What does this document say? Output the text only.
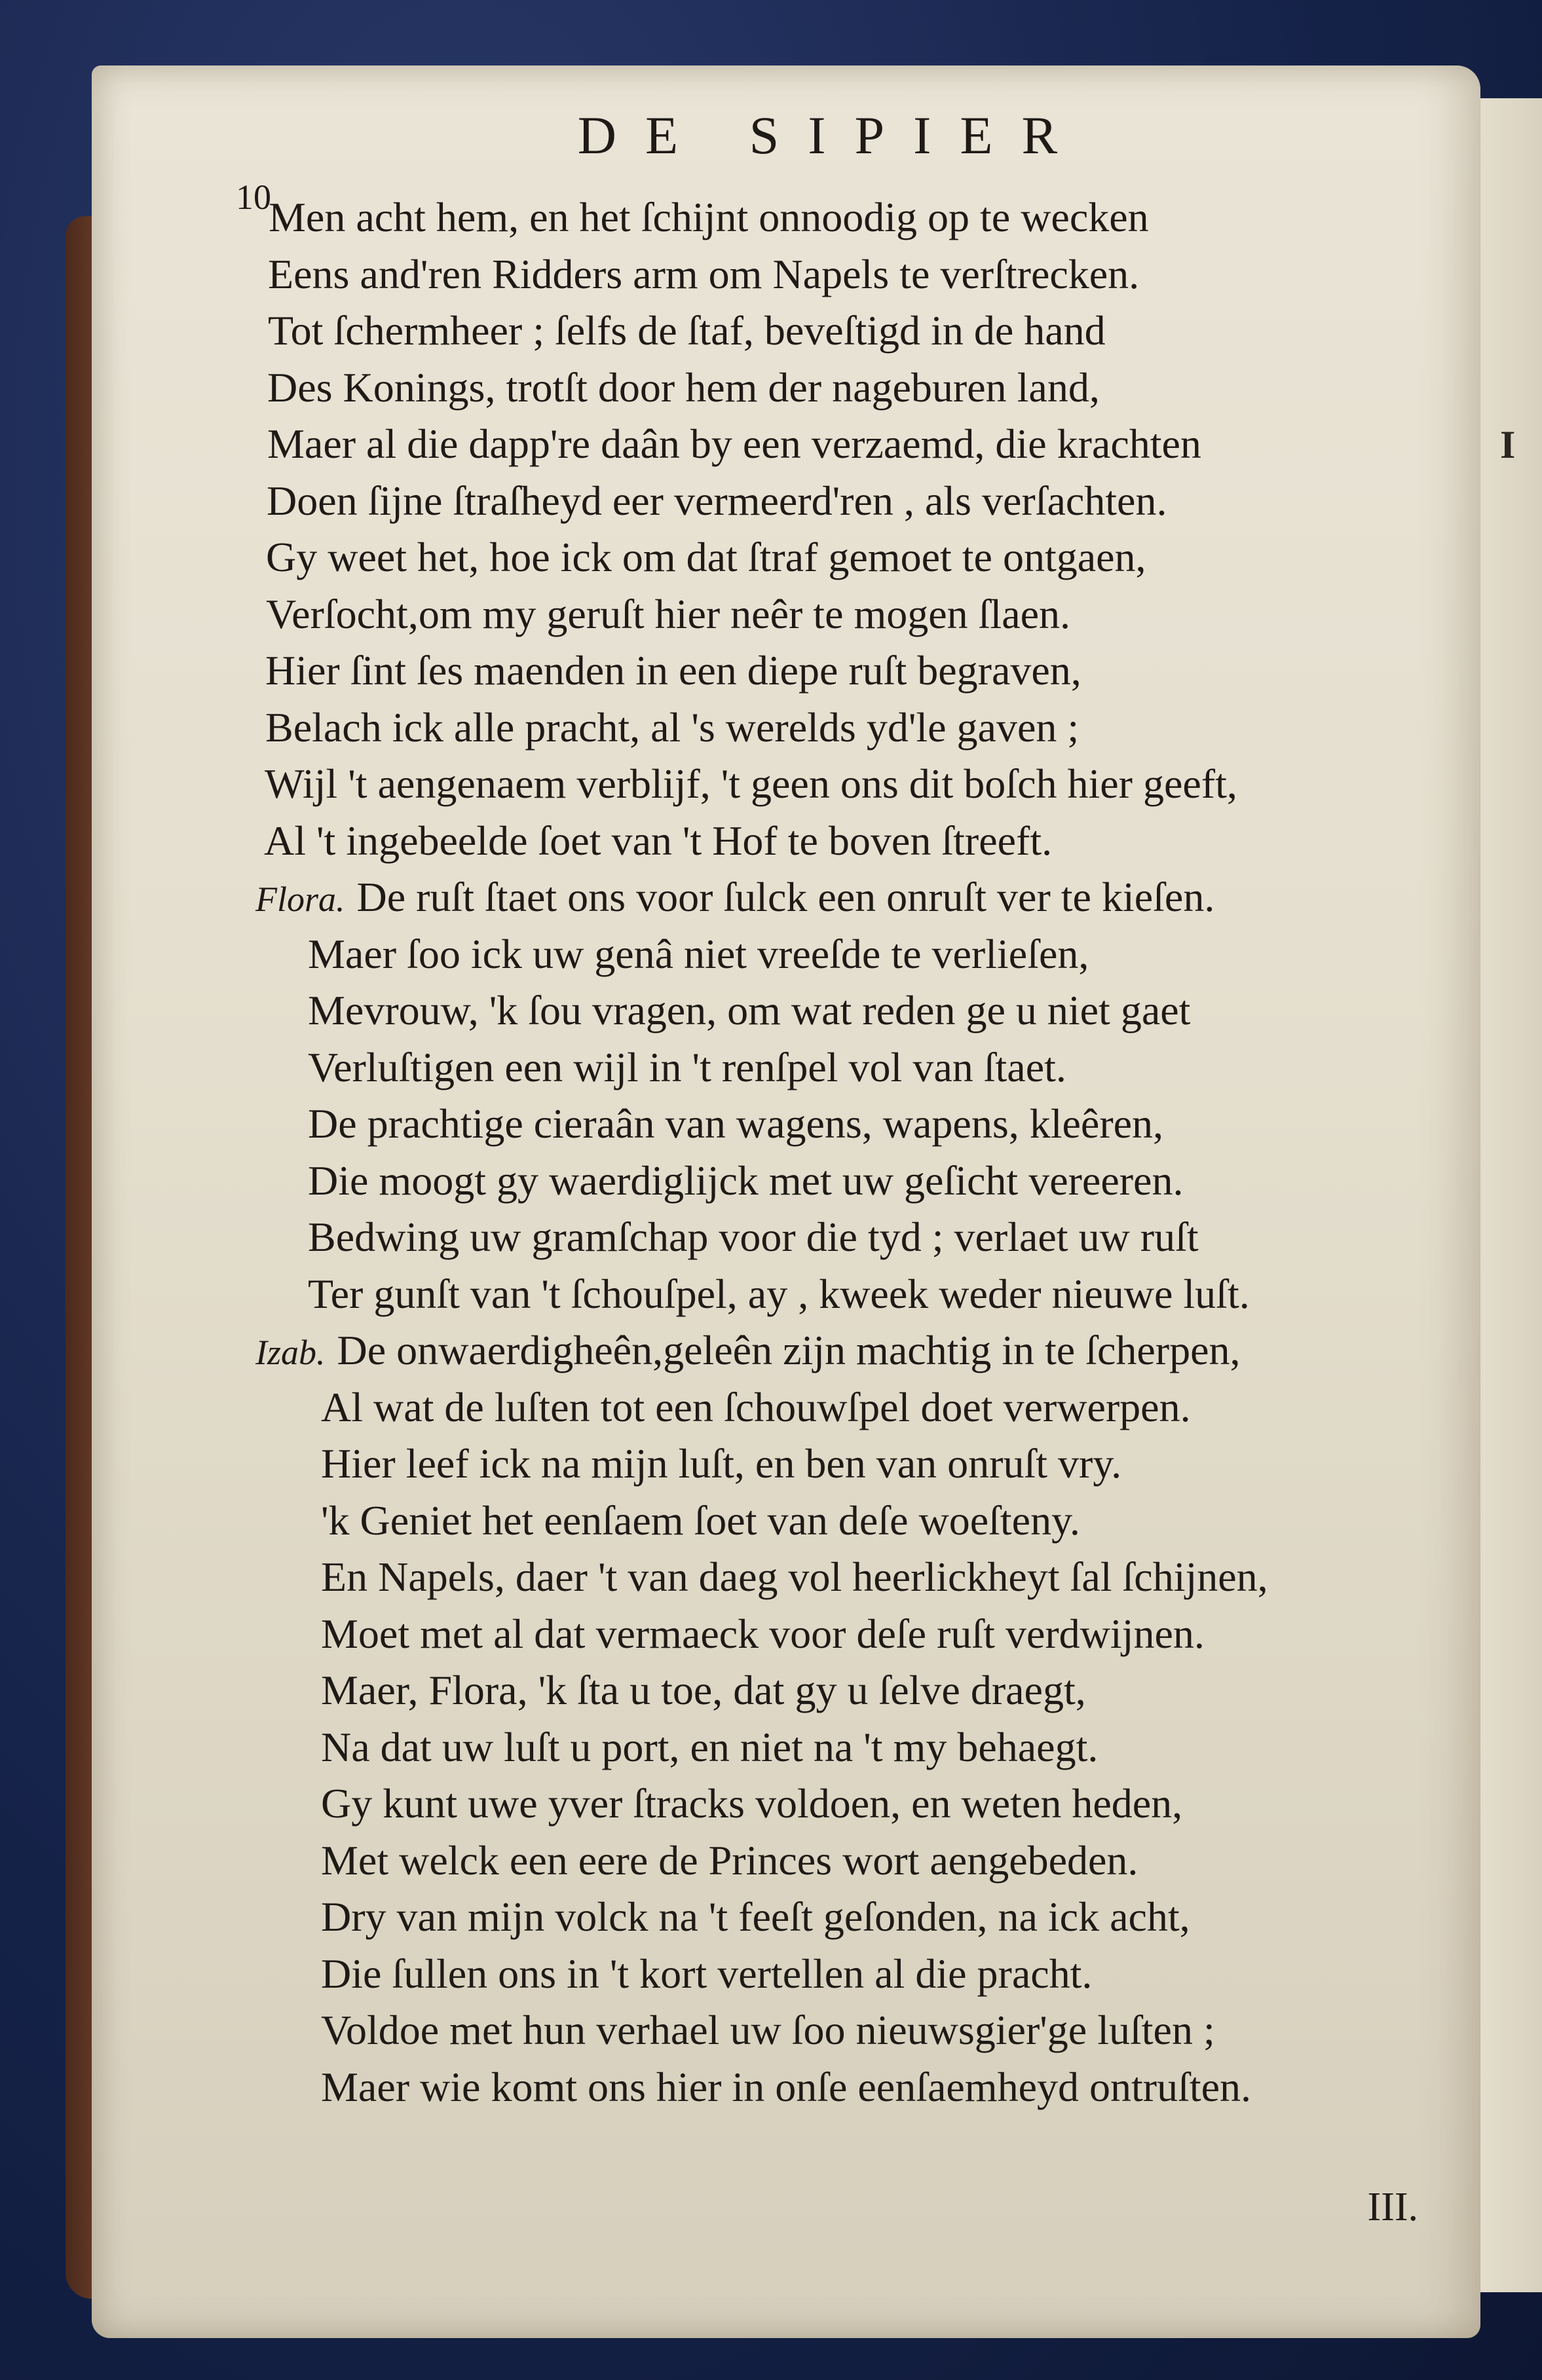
I
DE SIPIER
10
Men acht hem, en het ſchijnt onnoodig op te wecken
Eens and'ren Ridders arm om Napels te verſtrecken.
Tot ſchermheer ; ſelfs de ſtaf, beveſtigd in de hand
Des Konings, trotſt door hem der nageburen land,
Maer al die dapp're daân by een verzaemd, die krachten
Doen ſijne ſtraſheyd eer vermeerd'ren , als verſachten.
Gy weet het, hoe ick om dat ſtraf gemoet te ontgaen,
Verſocht,om my geruſt hier neêr te mogen ſlaen.
Hier ſint ſes maenden in een diepe ruſt begraven,
Belach ick alle pracht, al 's werelds yd'le gaven ;
Wijl 't aengenaem verblijf, 't geen ons dit boſch hier geeft,
Al 't ingebeelde ſoet van 't Hof te boven ſtreeft.
Flora. De ruſt ſtaet ons voor ſulck een onruſt ver te kieſen.
Maer ſoo ick uw genâ niet vreeſde te verlieſen,
Mevrouw, 'k ſou vragen, om wat reden ge u niet gaet
Verluſtigen een wijl in 't renſpel vol van ſtaet.
De prachtige cieraân van wagens, wapens, kleêren,
Die moogt gy waerdiglijck met uw geſicht vereeren.
Bedwing uw gramſchap voor die tyd ; verlaet uw ruſt
Ter gunſt van 't ſchouſpel, ay , kweek weder nieuwe luſt.
Izab. De onwaerdigheên,geleên zijn machtig in te ſcherpen,
Al wat de luſten tot een ſchouwſpel doet verwerpen.
Hier leef ick na mijn luſt, en ben van onruſt vry.
'k Geniet het eenſaem ſoet van deſe woeſteny.
En Napels, daer 't van daeg vol heerlickheyt ſal ſchijnen,
Moet met al dat vermaeck voor deſe ruſt verdwijnen.
Maer, Flora, 'k ſta u toe, dat gy u ſelve draegt,
Na dat uw luſt u port, en niet na 't my behaegt.
Gy kunt uwe yver ſtracks voldoen, en weten heden,
Met welck een eere de Princes wort aengebeden.
Dry van mijn volck na 't feeſt geſonden, na ick acht,
Die ſullen ons in 't kort vertellen al die pracht.
Voldoe met hun verhael uw ſoo nieuwsgier'ge luſten ;
Maer wie komt ons hier in onſe eenſaemheyd ontruſten.
III.
